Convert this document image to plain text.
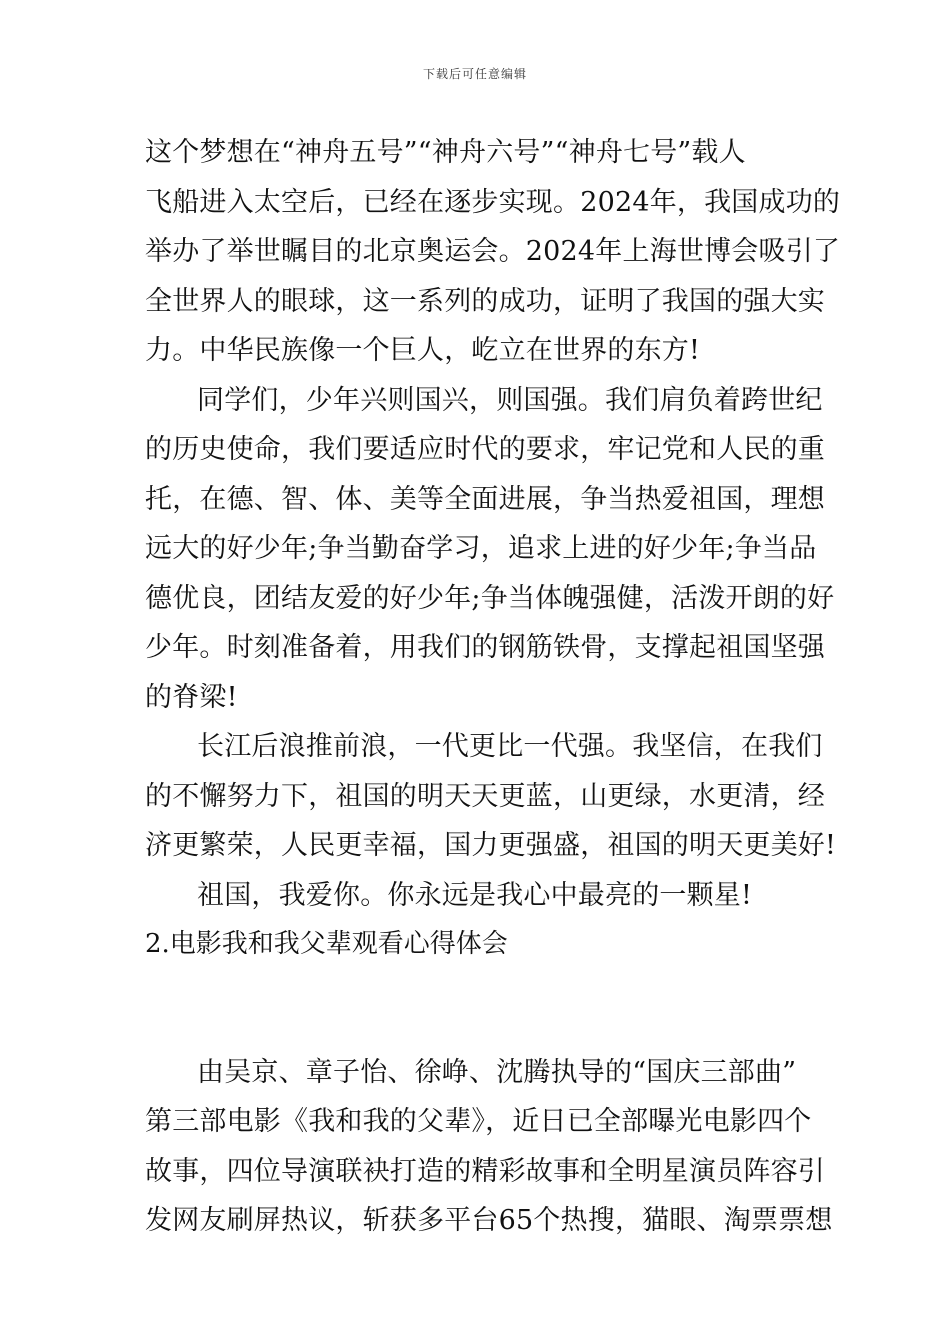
下载后可任意编辑
这个梦想在“神舟五号”“神舟六号”“神舟七号”载人
飞船进入太空后，已经在逐步实现。2024年，我国成功的
举办了举世瞩目的北京奥运会。2024年上海世博会吸引了
全世界人的眼球，这一系列的成功，证明了我国的强大实
力。中华民族像一个巨人，屹立在世界的东方!
同学们，少年兴则国兴，则国强。我们肩负着跨世纪
的历史使命，我们要适应时代的要求，牢记党和人民的重
托，在德、智、体、美等全面进展，争当热爱祖国，理想
远大的好少年;争当勤奋学习，追求上进的好少年;争当品
德优良，团结友爱的好少年;争当体魄强健，活泼开朗的好
少年。时刻准备着，用我们的钢筋铁骨，支撑起祖国坚强
的脊梁!
长江后浪推前浪，一代更比一代强。我坚信，在我们
的不懈努力下，祖国的明天天更蓝，山更绿，水更清，经
济更繁荣，人民更幸福，国力更强盛，祖国的明天更美好!
祖国，我爱你。你永远是我心中最亮的一颗星!
2.电影我和我父辈观看心得体会
由吴京、章子怡、徐峥、沈腾执导的“国庆三部曲”
第三部电影《我和我的父辈》，近日已全部曝光电影四个
故事，四位导演联袂打造的精彩故事和全明星演员阵容引
发网友刷屏热议，斩获多平台65个热搜，猫眼、淘票票想
